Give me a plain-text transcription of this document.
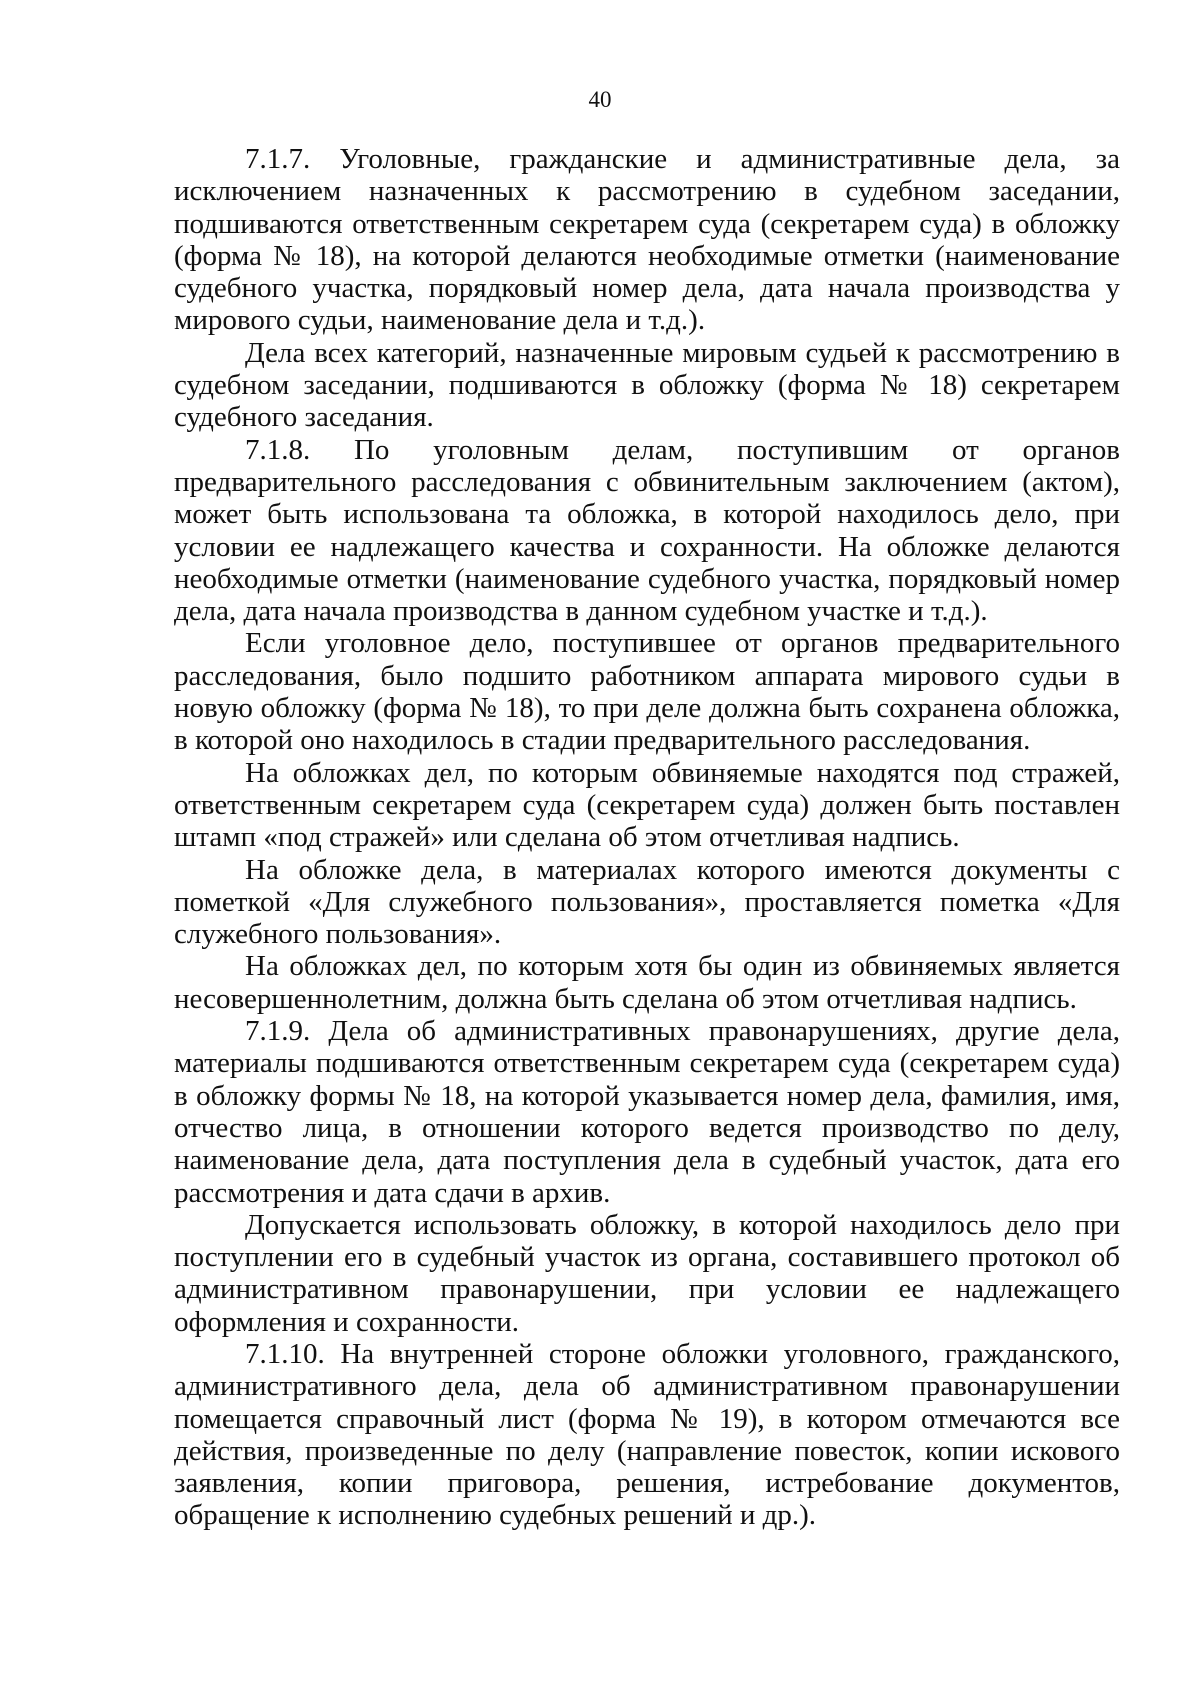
40

7.1.7. Уголовные, гражданские и административные дела, за исключением назначенных к рассмотрению в судебном заседании, подшиваются ответственным секретарем суда (секретарем суда) в обложку (форма № 18), на которой делаются необходимые отметки (наименование судебного участка, порядковый номер дела, дата начала производства у мирового судьи, наименование дела и т.д.).

Дела всех категорий, назначенные мировым судьей к рассмотрению в судебном заседании, подшиваются в обложку (форма № 18) секретарем судебного заседания.

7.1.8. По уголовным делам, поступившим от органов предварительного расследования с обвинительным заключением (актом), может быть использована та обложка, в которой находилось дело, при условии ее надлежащего качества и сохранности. На обложке делаются необходимые отметки (наименование судебного участка, порядковый номер дела, дата начала производства в данном судебном участке и т.д.).

Если уголовное дело, поступившее от органов предварительного расследования, было подшито работником аппарата мирового судьи в новую обложку (форма № 18), то при деле должна быть сохранена обложка, в которой оно находилось в стадии предварительного расследования.

На обложках дел, по которым обвиняемые находятся под стражей, ответственным секретарем суда (секретарем суда) должен быть поставлен штамп «под стражей» или сделана об этом отчетливая надпись.

На обложке дела, в материалах которого имеются документы с пометкой «Для служебного пользования», проставляется пометка «Для служебного пользования».

На обложках дел, по которым хотя бы один из обвиняемых является несовершеннолетним, должна быть сделана об этом отчетливая надпись.

7.1.9. Дела об административных правонарушениях, другие дела, материалы подшиваются ответственным секретарем суда (секретарем суда) в обложку формы № 18, на которой указывается номер дела, фамилия, имя, отчество лица, в отношении которого ведется производство по делу, наименование дела, дата поступления дела в судебный участок, дата его рассмотрения и дата сдачи в архив.

Допускается использовать обложку, в которой находилось дело при поступлении его в судебный участок из органа, составившего протокол об административном правонарушении, при условии ее надлежащего оформления и сохранности.

7.1.10. На внутренней стороне обложки уголовного, гражданского, административного дела, дела об административном правонарушении помещается справочный лист (форма № 19), в котором отмечаются все действия, произведенные по делу (направление повесток, копии искового заявления, копии приговора, решения, истребование документов, обращение к исполнению судебных решений и др.).
